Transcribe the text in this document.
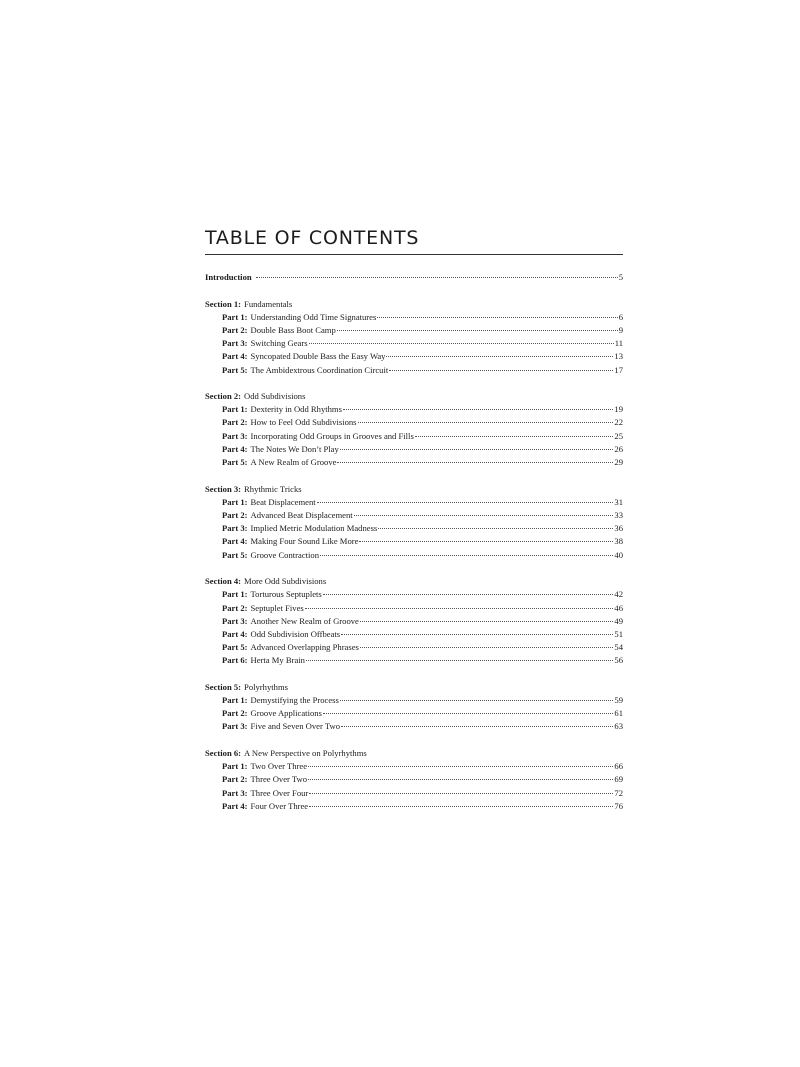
TABLE OF CONTENTS
Introduction	5
Section 1: Fundamentals
Part 1: Understanding Odd Time Signatures	6
Part 2: Double Bass Boot Camp	9
Part 3: Switching Gears	11
Part 4: Syncopated Double Bass the Easy Way	13
Part 5: The Ambidextrous Coordination Circuit	17
Section 2: Odd Subdivisions
Part 1: Dexterity in Odd Rhythms	19
Part 2: How to Feel Odd Subdivisions	22
Part 3: Incorporating Odd Groups in Grooves and Fills	25
Part 4: The Notes We Don’t Play	26
Part 5: A New Realm of Groove	29
Section 3: Rhythmic Tricks
Part 1: Beat Displacement	31
Part 2: Advanced Beat Displacement	33
Part 3: Implied Metric Modulation Madness	36
Part 4: Making Four Sound Like More	38
Part 5: Groove Contraction	40
Section 4: More Odd Subdivisions
Part 1: Torturous Septuplets	42
Part 2: Septuplet Fives	46
Part 3: Another New Realm of Groove	49
Part 4: Odd Subdivision Offbeats	51
Part 5: Advanced Overlapping Phrases	54
Part 6: Herta My Brain	56
Section 5: Polyrhythms
Part 1: Demystifying the Process	59
Part 2: Groove Applications	61
Part 3: Five and Seven Over Two	63
Section 6: A New Perspective on Polyrhythms
Part 1: Two Over Three	66
Part 2: Three Over Two	69
Part 3: Three Over Four	72
Part 4: Four Over Three	76
